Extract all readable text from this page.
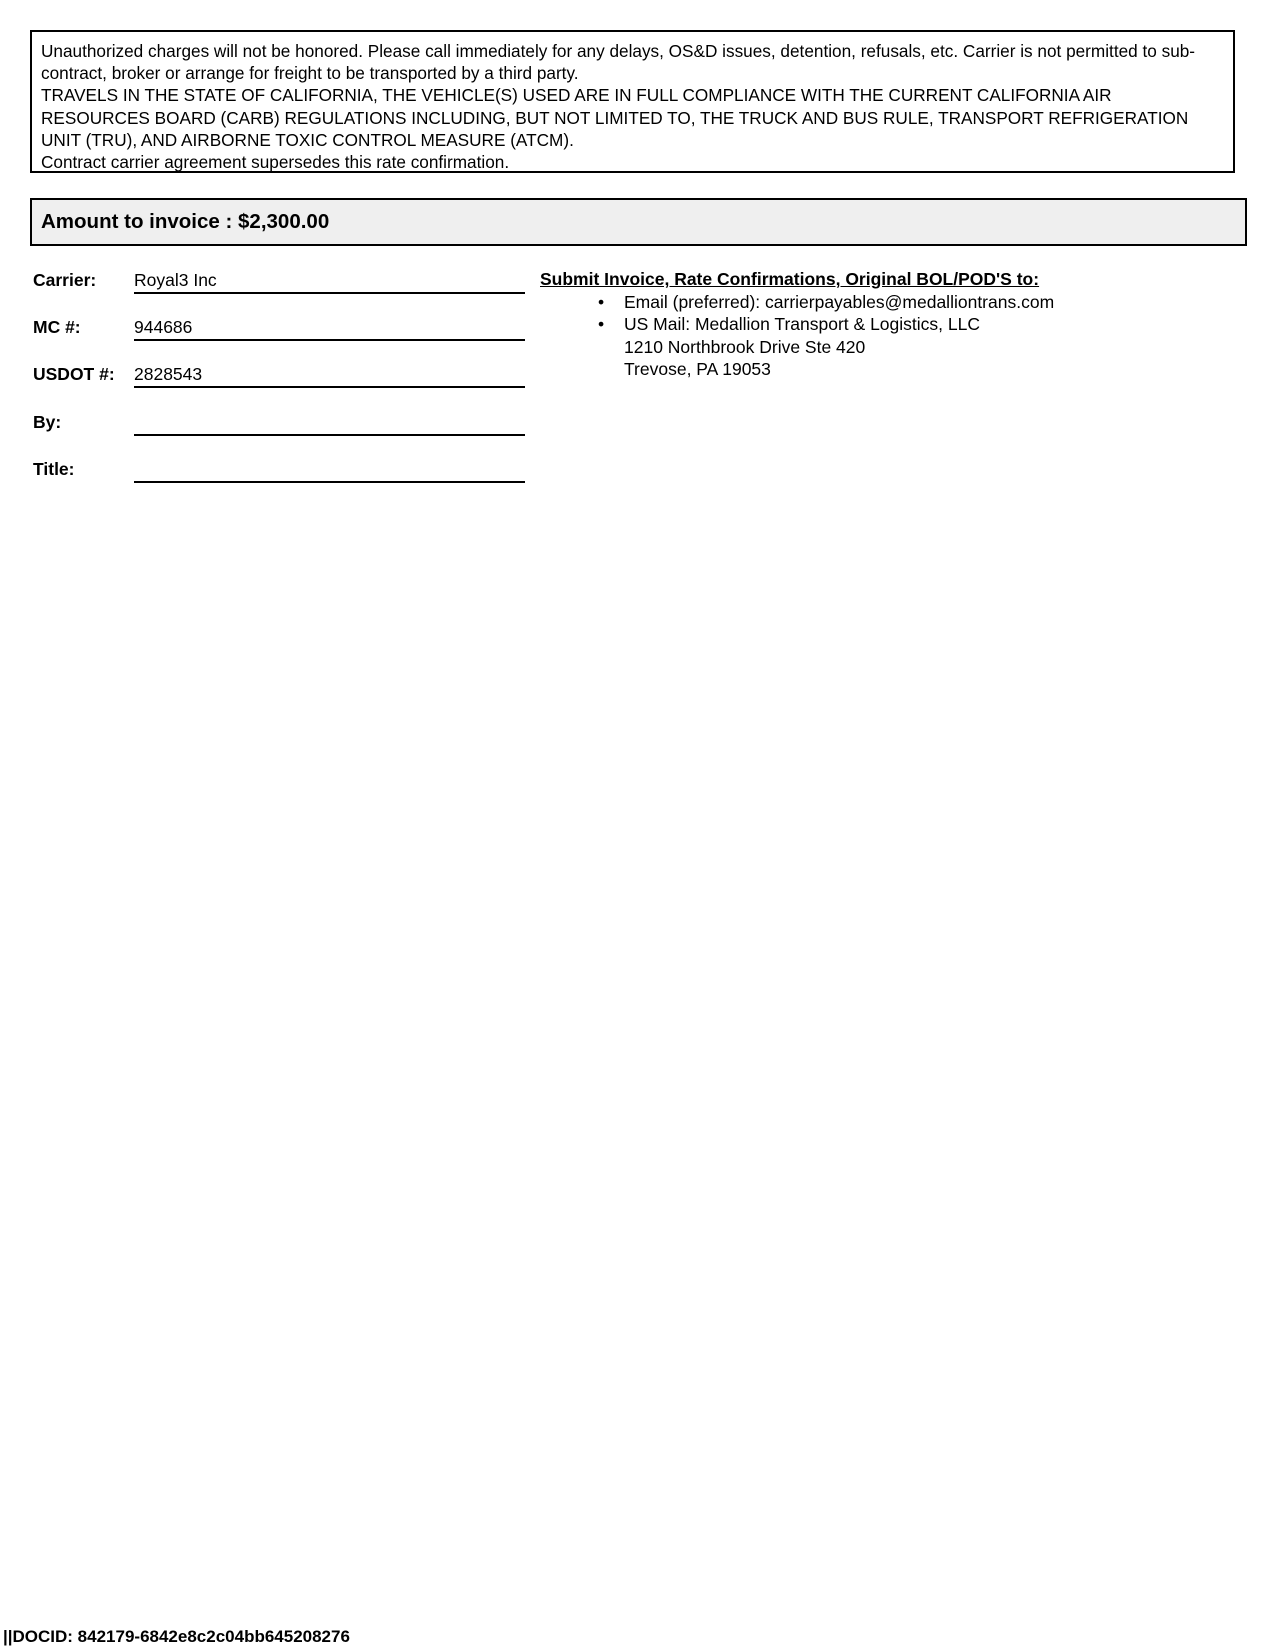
Unauthorized charges will not be honored. Please call immediately for any delays, OS&D issues, detention, refusals, etc. Carrier is not permitted to sub-contract, broker or arrange for freight to be transported by a third party.

TRAVELS IN THE STATE OF CALIFORNIA, THE VEHICLE(S) USED ARE IN FULL COMPLIANCE WITH THE CURRENT CALIFORNIA AIR RESOURCES BOARD (CARB) REGULATIONS INCLUDING, BUT NOT LIMITED TO, THE TRUCK AND BUS RULE, TRANSPORT REFRIGERATION UNIT (TRU), AND AIRBORNE TOXIC CONTROL MEASURE (ATCM).

Contract carrier agreement supersedes this rate confirmation.

Amount to invoice : $2,300.00
Carrier: Royal3 Inc
MC #:	944686
USDOT #: 2828543
By:
Title:
Submit Invoice, Rate Confirmations, Original BOL/POD'S to:
• Email (preferred): carrierpayables@medalliontrans.com
• US Mail: Medallion Transport & Logistics, LLC
1210 Northbrook Drive Ste 420
Trevose, PA 19053
||DOCID: 842179-6842e8c2c04bb645208276
